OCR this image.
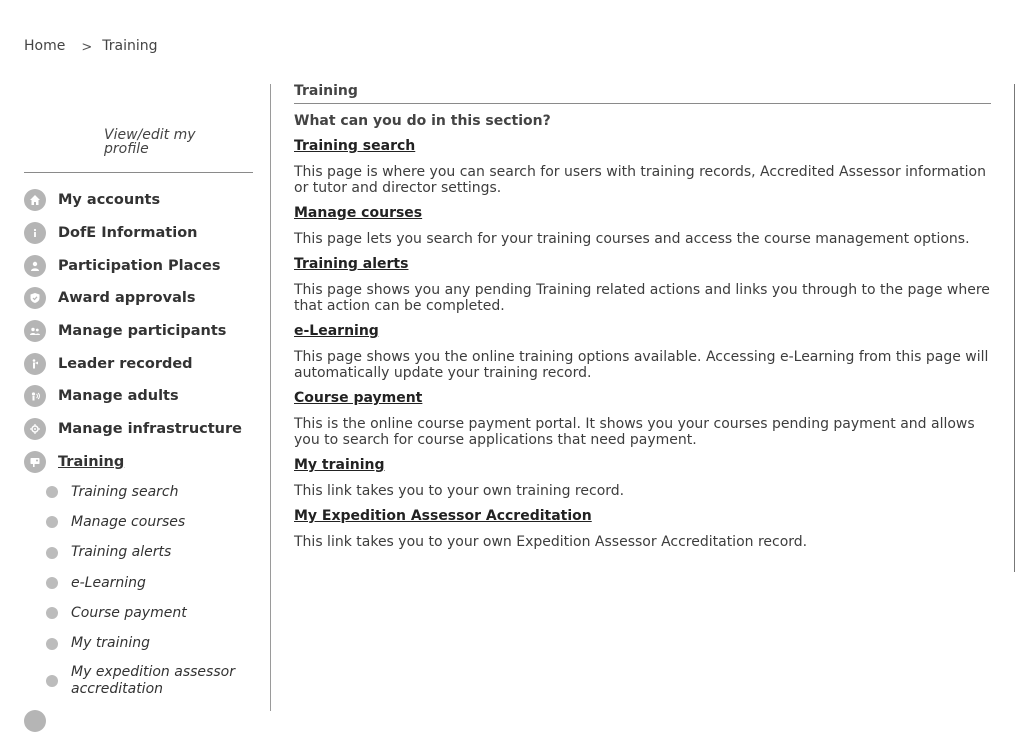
Home > Training
View/edit my profile
My accounts
DofE Information
Participation Places
Award approvals
Manage participants
Leader recorded
Manage adults
Manage infrastructure
Training
Training search
Manage courses
Training alerts
e-Learning
Course payment
My training
My expedition assessor accreditation
Training
What can you do in this section?
Training search
This page is where you can search for users with training records, Accredited Assessor information or tutor and director settings.
Manage courses
This page lets you search for your training courses and access the course management options.
Training alerts
This page shows you any pending Training related actions and links you through to the page where that action can be completed.
e-Learning
This page shows you the online training options available. Accessing e-Learning from this page will automatically update your training record.
Course payment
This is the online course payment portal. It shows you your courses pending payment and allows you to search for course applications that need payment.
My training
This link takes you to your own training record.
My Expedition Assessor Accreditation
This link takes you to your own Expedition Assessor Accreditation record.
